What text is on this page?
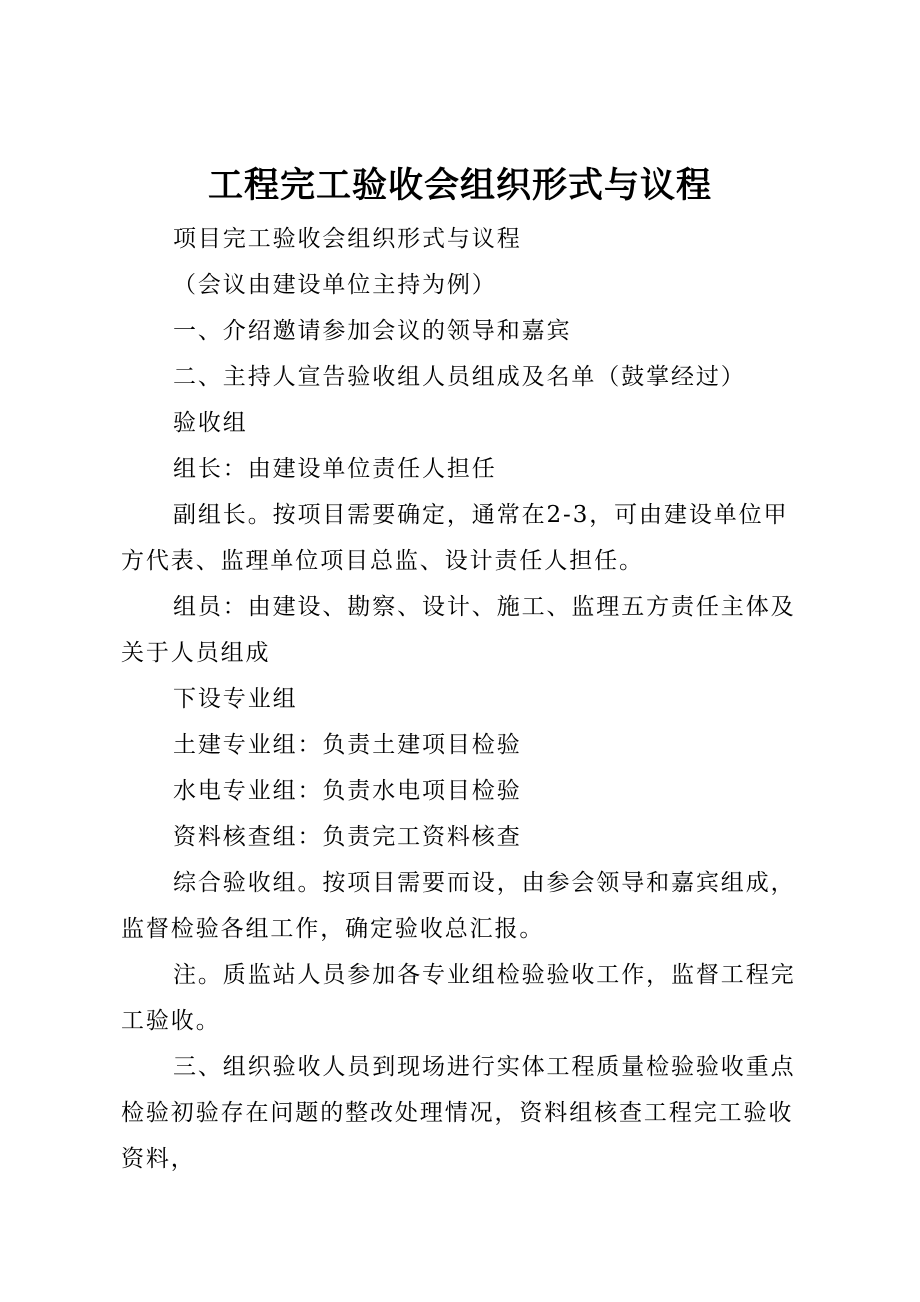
工程完工验收会组织形式与议程

项目完工验收会组织形式与议程

（会议由建设单位主持为例）

一、介绍邀请参加会议的领导和嘉宾

二、主持人宣告验收组人员组成及名单（鼓掌经过）

验收组

组长：由建设单位责任人担任

副组长。按项目需要确定，通常在2-3，可由建设单位甲方代表、监理单位项目总监、设计责任人担任。

组员：由建设、勘察、设计、施工、监理五方责任主体及关于人员组成

下设专业组

土建专业组：负责土建项目检验

水电专业组：负责水电项目检验

资料核查组：负责完工资料核查

综合验收组。按项目需要而设，由参会领导和嘉宾组成，监督检验各组工作，确定验收总汇报。

注。质监站人员参加各专业组检验验收工作，监督工程完工验收。

三、组织验收人员到现场进行实体工程质量检验验收重点检验初验存在问题的整改处理情况，资料组核查工程完工验收资料，
